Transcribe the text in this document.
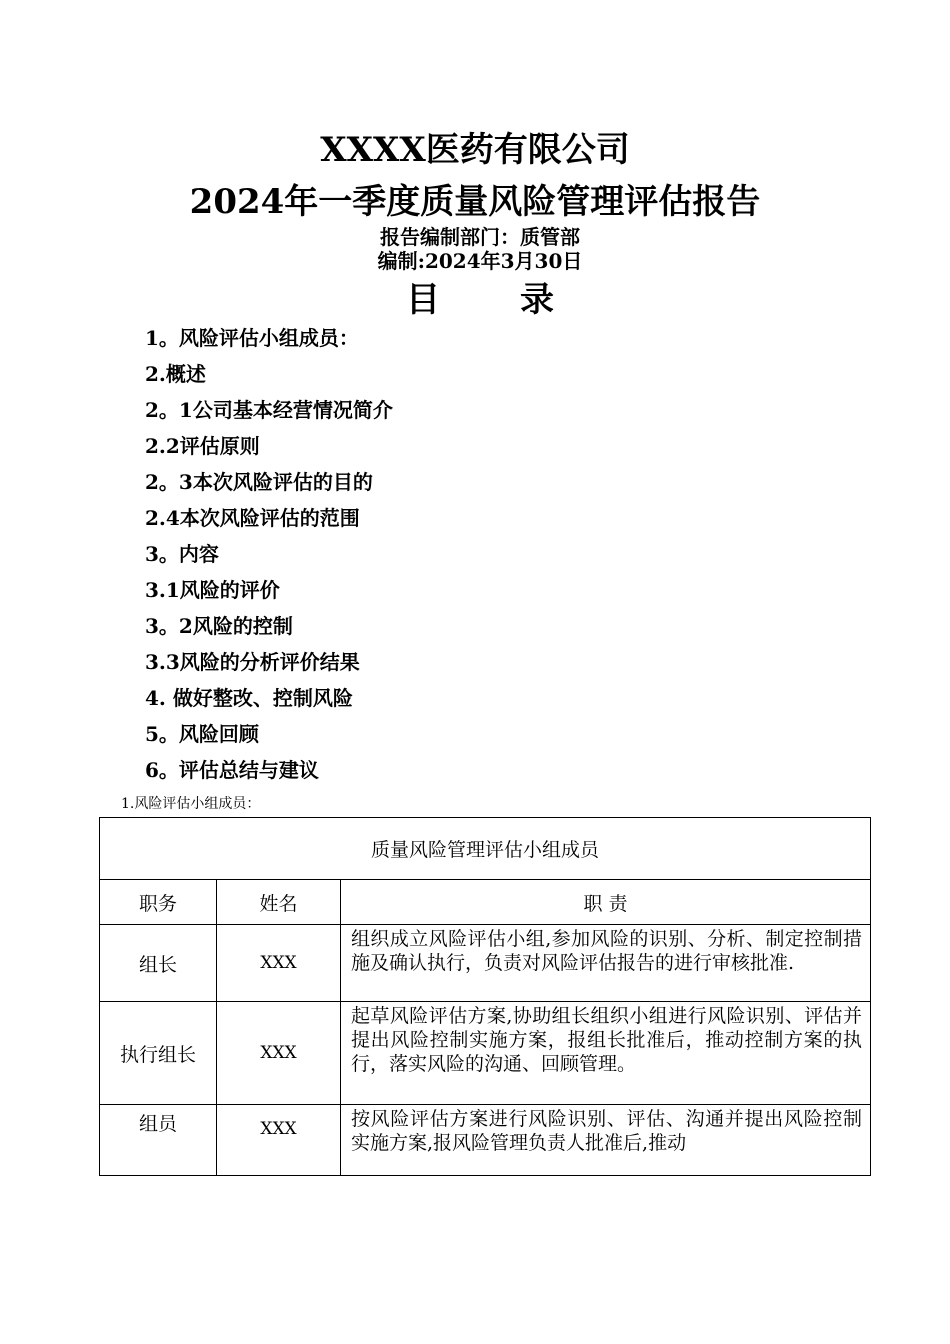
XXXX医药有限公司
2024年一季度质量风险管理评估报告
报告编制部门：质管部
编制:2024年3月30日
目录
1。风险评估小组成员：
2.概述
2。1公司基本经营情况简介
2.2评估原则
2。3本次风险评估的目的
2.4本次风险评估的范围
3。内容
3.1风险的评价
3。2风险的控制
3.3风险的分析评价结果
4. 做好整改、控制风险
5。风险回顾
6。评估总结与建议
1.风险评估小组成员：
质量风险管理评估小组成员		
职务	姓名	职 责
组长	XXX	组织成立风险评估小组,参加风险的识别、分析、制定控制措施及确认执行，负责对风险评估报告的进行审核批准.
执行组长	XXX	起草风险评估方案,协助组长组织小组进行风险识别、评估并提出风险控制实施方案，报组长批准后，推动控制方案的执行，落实风险的沟通、回顾管理。
组员	XXX	按风险评估方案进行风险识别、评估、沟通并提出风险控制实施方案,报风险管理负责人批准后,推动
